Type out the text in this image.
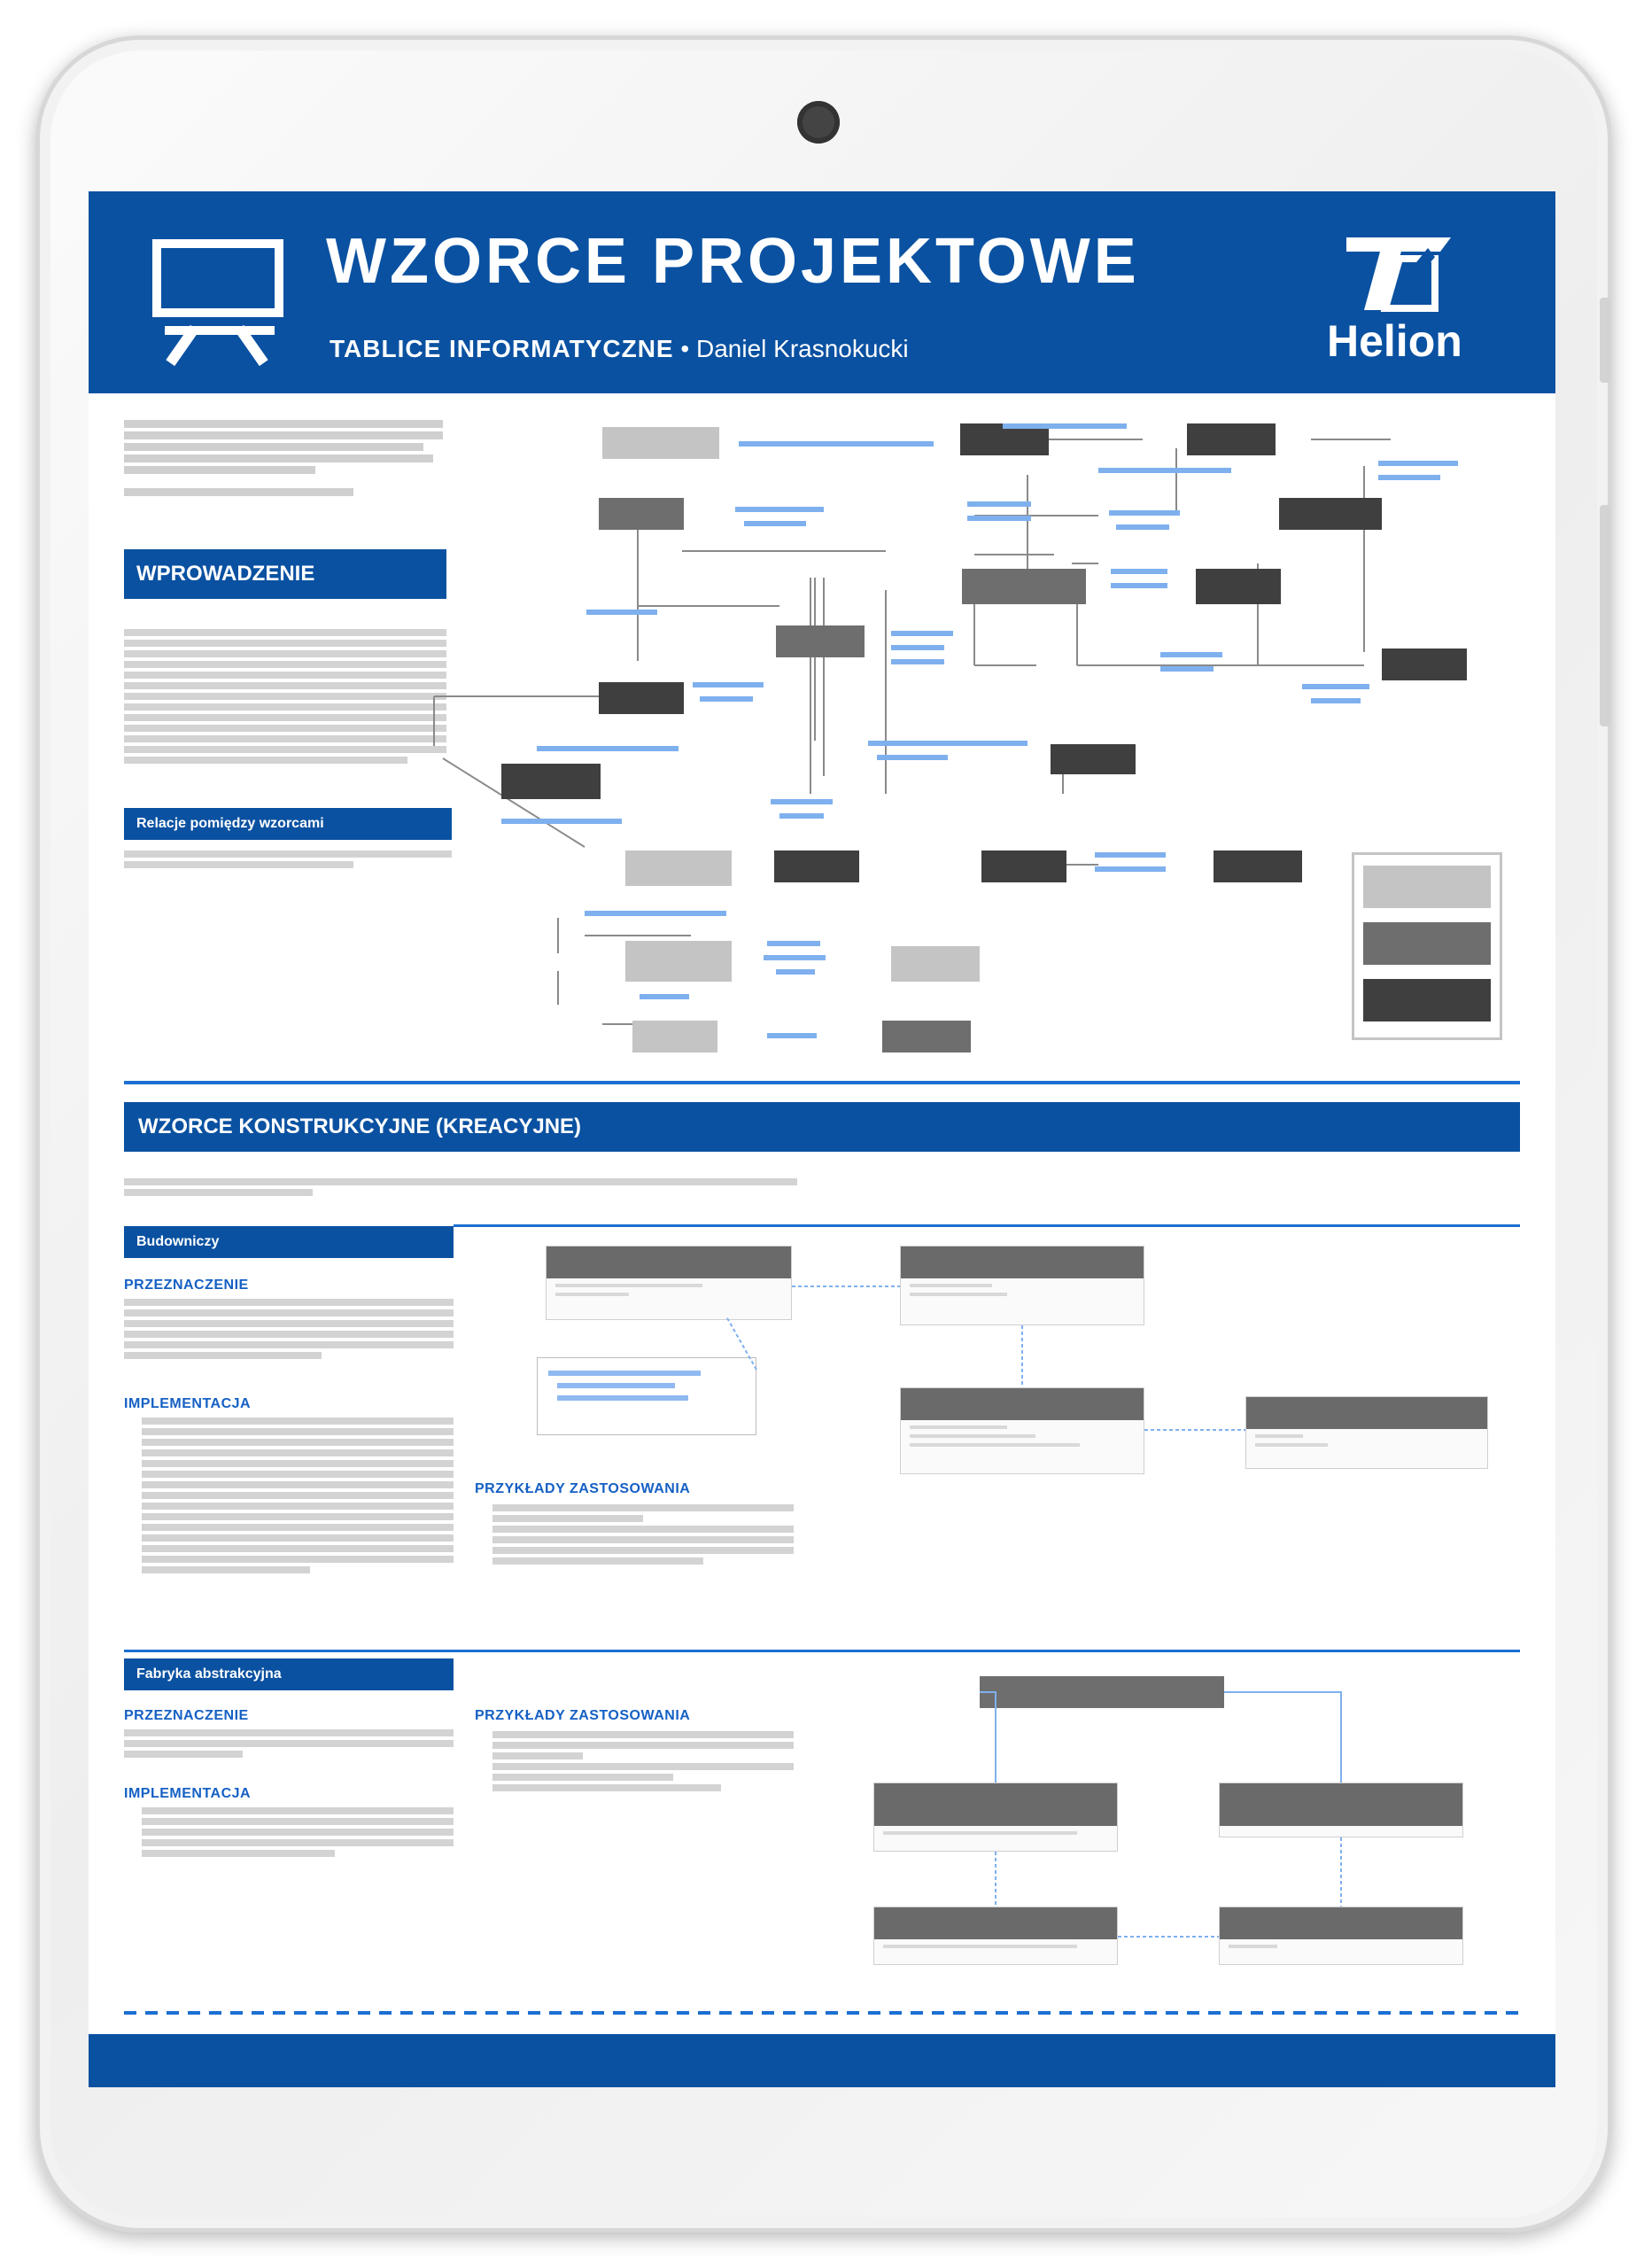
WZORCE PROJEKTOWE
TABLICE INFORMATYCZNE • Daniel Krasnokucki	Helion
WPROWADZENIE
Relacje pomiędzy wzorcami
WZORCE KONSTRUKCYJNE (KREACYJNE)
Budowniczy
PRZEZNACZENIE
IMPLEMENTACJA
PRZYKŁADY ZASTOSOWANIA
Fabryka abstrakcyjna
PRZEZNACZENIE
IMPLEMENTACJA
PRZYKŁADY ZASTOSOWANIA
